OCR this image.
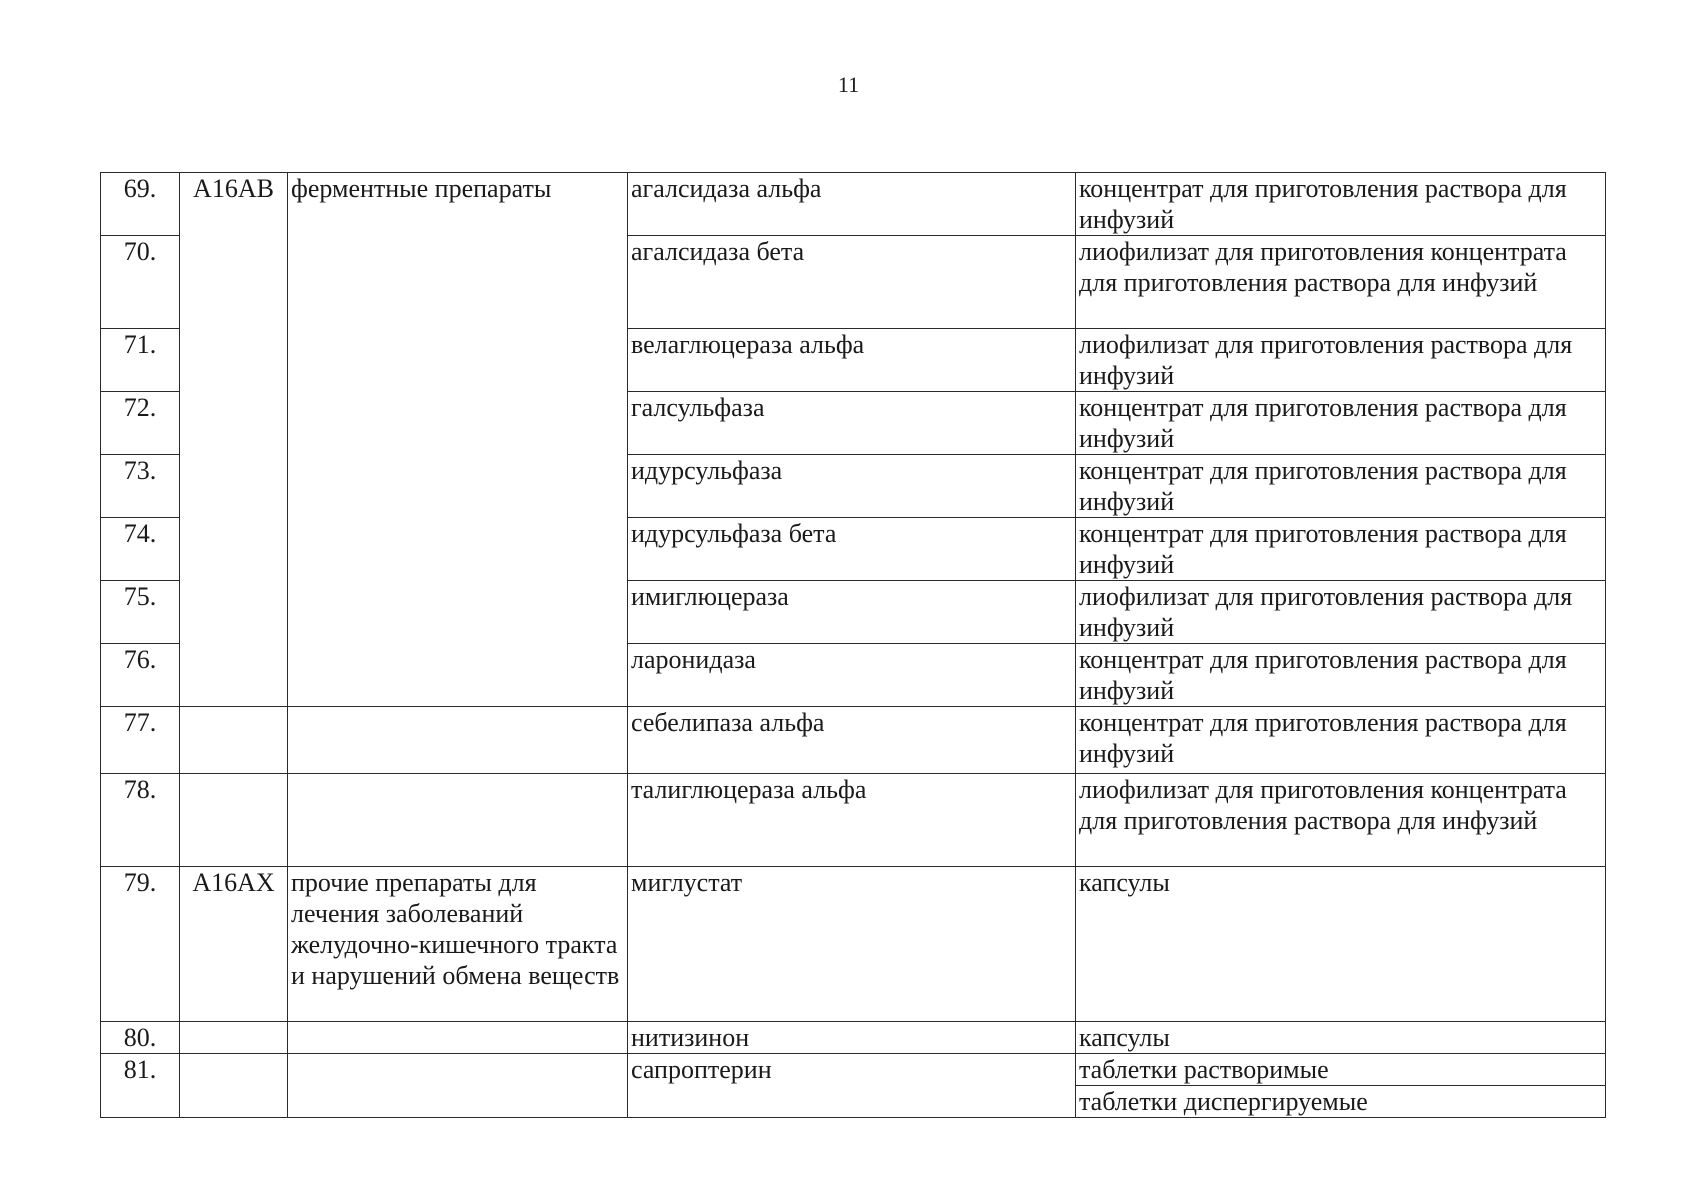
11
69.	A16AB	ферментные препараты	агалсидаза альфа	концентрат для приготовления раствора для инфузий
70.			агалсидаза бета	лиофилизат для приготовления концентрата для приготовления раствора для инфузий
71.			велаглюцераза альфа	лиофилизат для приготовления раствора для инфузий
72.			галсульфаза	концентрат для приготовления раствора для инфузий
73.			идурсульфаза	концентрат для приготовления раствора для инфузий
74.			идурсульфаза бета	концентрат для приготовления раствора для инфузий
75.			имиглюцераза	лиофилизат для приготовления раствора для инфузий
76.			ларонидаза	концентрат для приготовления раствора для инфузий
77.			себелипаза альфа	концентрат для приготовления раствора для инфузий
78.			талиглюцераза альфа	лиофилизат для приготовления концентрата для приготовления раствора для инфузий
79.	A16AX	прочие препараты для лечения заболеваний желудочно-кишечного тракта и нарушений обмена веществ	миглустат	капсулы
80.			нитизинон	капсулы
81.			сапроптерин	таблетки растворимые
				таблетки диспергируемые
